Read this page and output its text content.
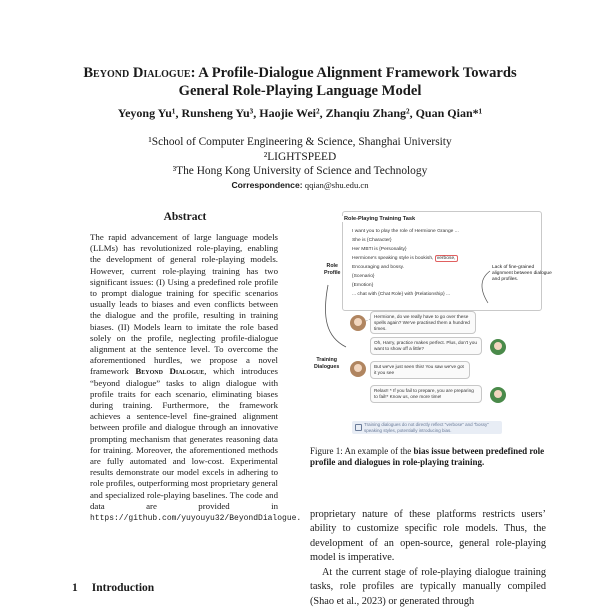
Beyond Dialogue: A Profile-Dialogue Alignment Framework Towards
General Role-Playing Language Model
Yeyong Yu¹, Runsheng Yu³, Haojie Wei², Zhanqiu Zhang², Quan Qian*¹
¹School of Computer Engineering & Science, Shanghai University
²LIGHTSPEED
³The Hong Kong University of Science and Technology
Correspondence: qqian@shu.edu.cn
Abstract
The rapid advancement of large language models (LLMs) has revolutionized role-playing, enabling the development of general role-playing models. However, current role-playing training has two significant issues: (I) Using a predefined role profile to prompt dialogue training for specific scenarios usually leads to biases and even conflicts between the dialogue and the profile, resulting in training biases. (II) Models learn to imitate the role based solely on the profile, neglecting profile-dialogue alignment at the sentence level. To overcome the aforementioned hurdles, we propose a novel framework Beyond Dialogue, which introduces “beyond dialogue” tasks to align dialogue with profile traits for each scenario, eliminating biases during training. Furthermore, the framework achieves a sentence-level fine-grained alignment between profile and dialogue through an innovative prompting mechanism that generates reasoning data for training. Moreover, the aforementioned methods are fully automated and low-cost. Experimental results demonstrate our model excels in adhering to role profiles, outperforming most proprietary general and specialized role-playing baselines. The code and data are provided in https://github.com/yuyouyu32/BeyondDialogue.
1 Introduction
Role-Playing Training Task
I want you to play the role of Hermione Grange ...
She is {Character}
Her MBTI is {Personality}
Hermione's speaking style is bookish, verbose,
Encouraging and bossy.
{Scenario}
{Emotion}
... chat with {Chat Role} with {Relationship} ...
Role
Profile
Lack of fine-grained alignment between dialogue and profiles.
Training
Dialogues
Hermione, do we really have to go over these spells again? We've practised them a hundred times.
Oh, Harry, practice makes perfect. Plus, don't you want to show off a little?
But we've just seen this! You saw we've got it you see
Relax!! * If you fail to prepare, you are preparing to fail!* Know us, one more time!
Training dialogues do not directly reflect "verbose" and "bossy" speaking styles, potentially introducing bias.
Figure 1: An example of the bias issue between predefined role profile and dialogues in role-playing training.

proprietary nature of these platforms restricts users’ ability to customize specific role models. Thus, the development of an open-source, general role-playing model is imperative.

At the current stage of role-playing dialogue training tasks, role profiles are typically manually compiled (Shao et al., 2023) or generated through
